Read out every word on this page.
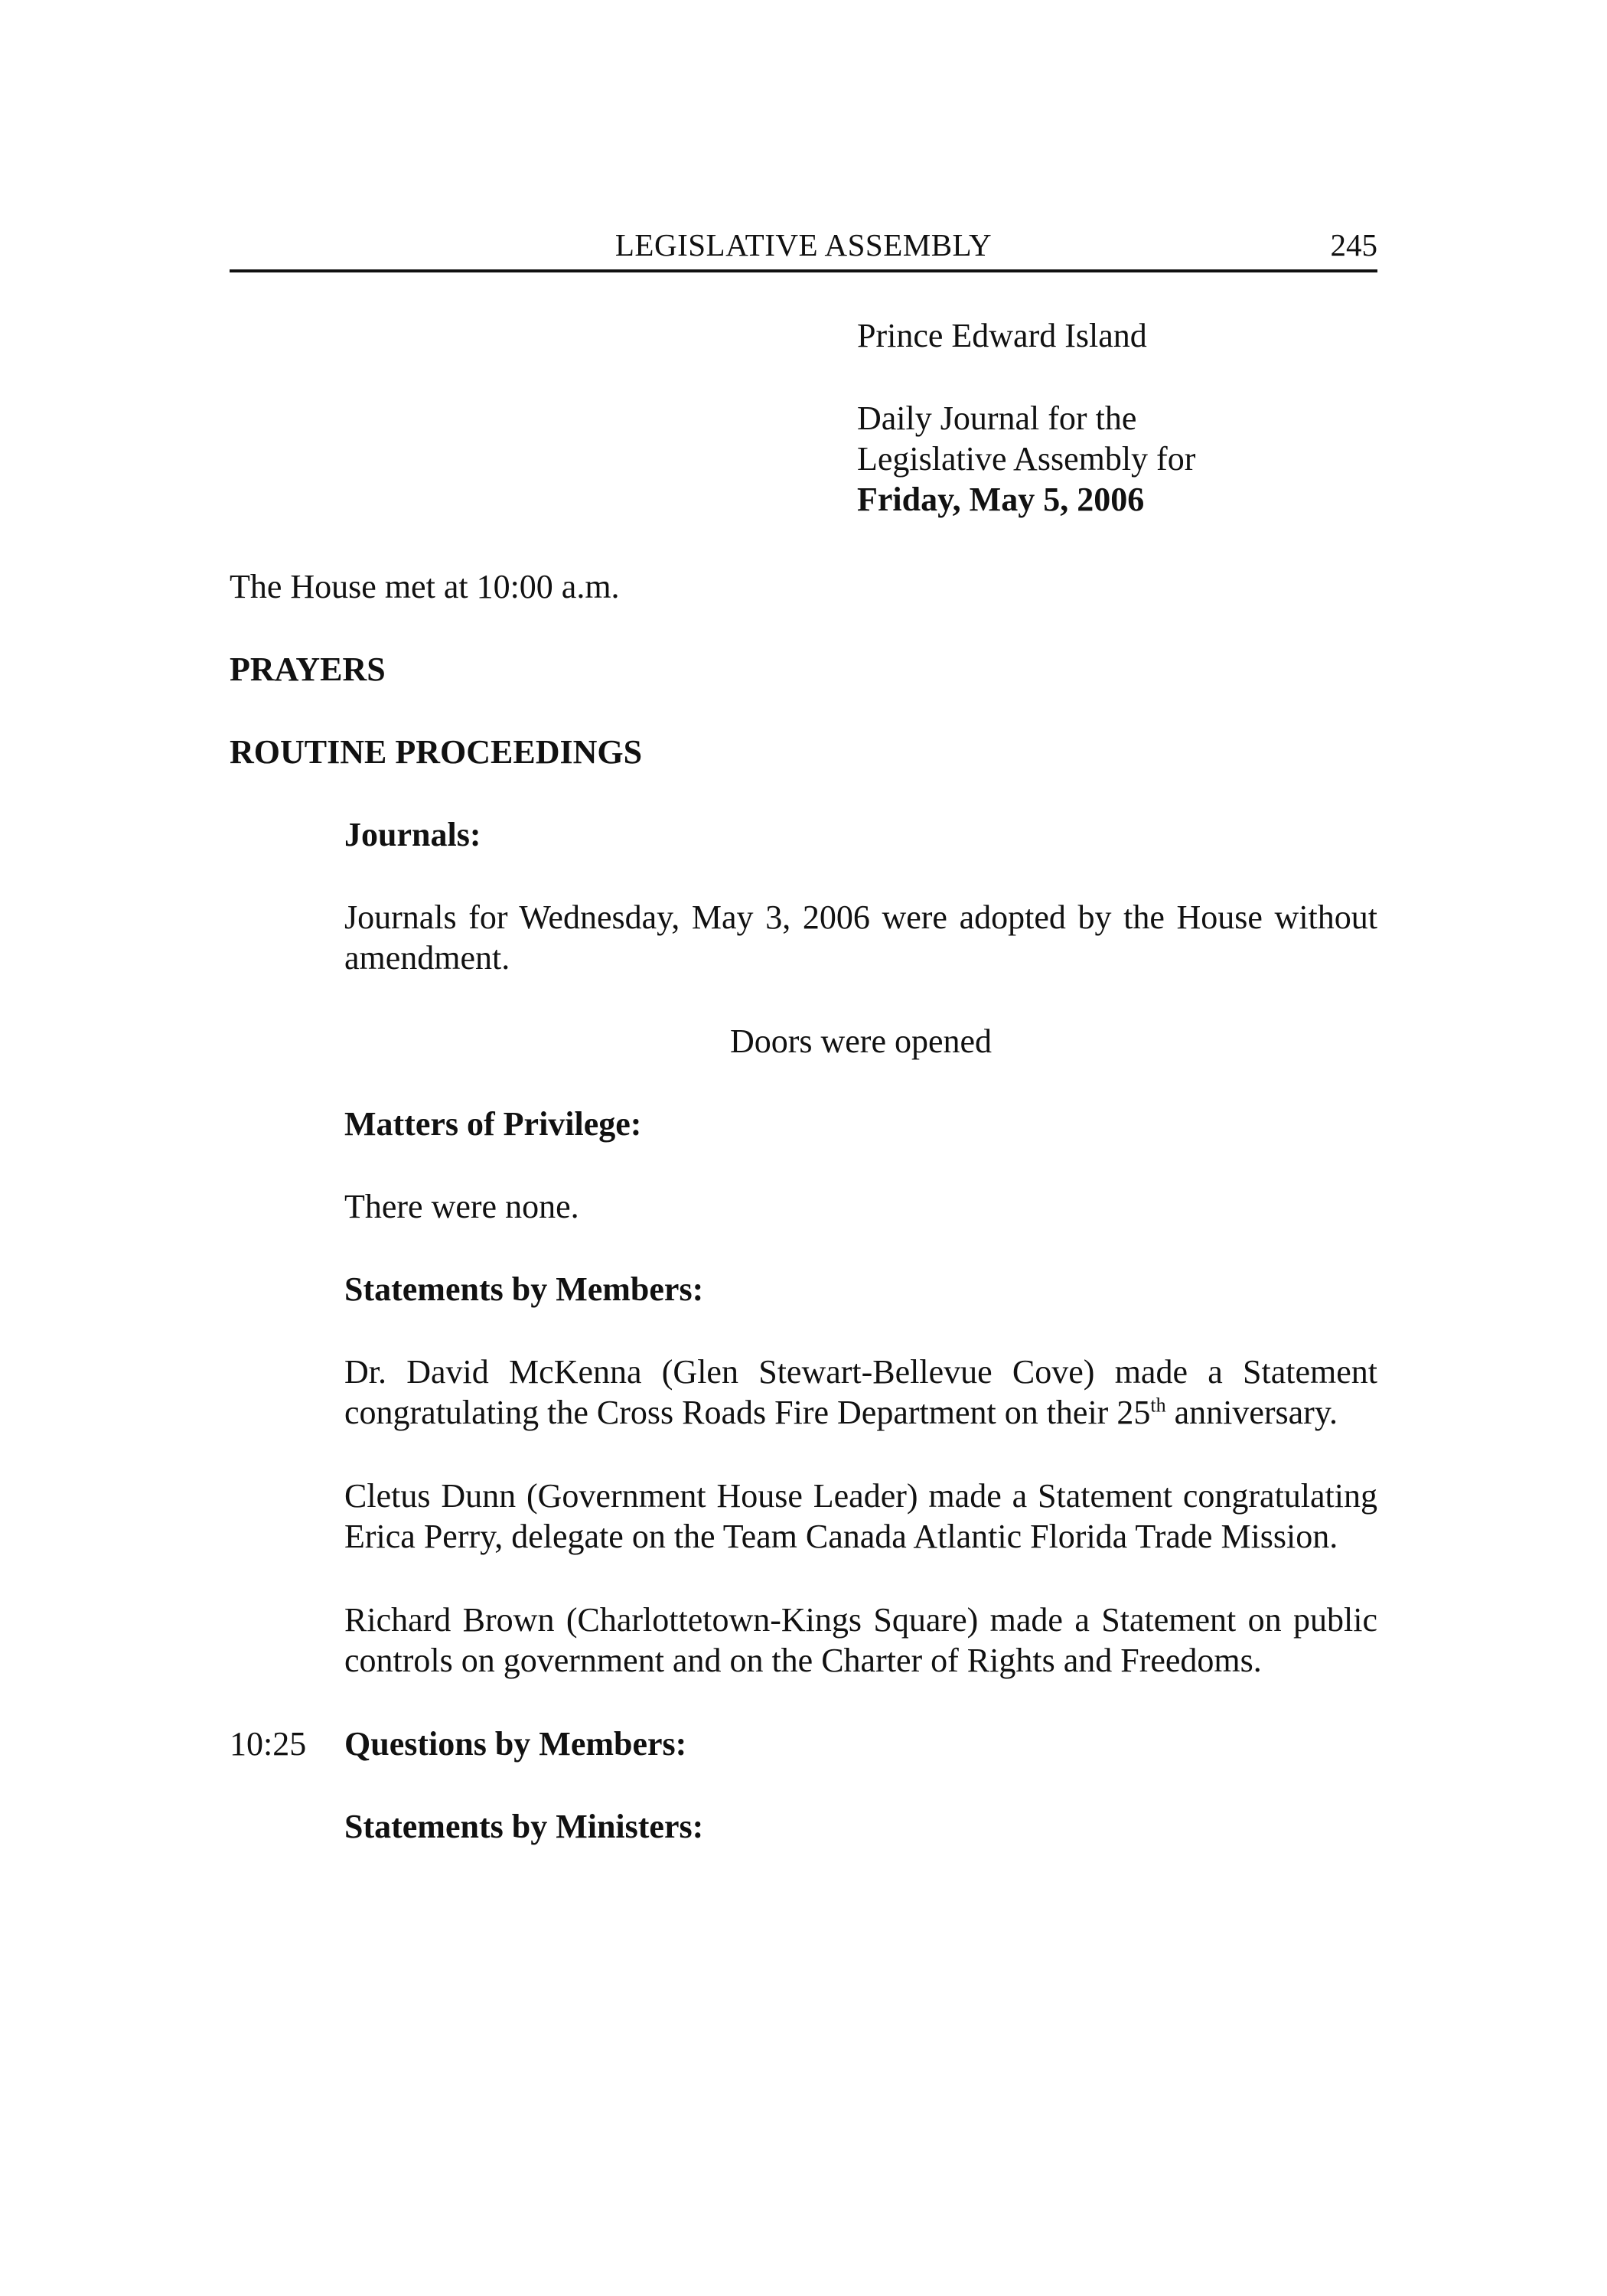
LEGISLATIVE ASSEMBLY	245
Prince Edward Island
Daily Journal for the
Legislative Assembly for
Friday, May 5, 2006
The House met at 10:00 a.m.
PRAYERS
ROUTINE PROCEEDINGS
Journals:
Journals for Wednesday, May 3, 2006 were adopted by the House without
amendment.
Doors were opened
Matters of Privilege:
There were none.
Statements by Members:
Dr. David McKenna (Glen Stewart-Bellevue Cove) made a Statement
congratulating the Cross Roads Fire Department on their 25th anniversary.
Cletus Dunn (Government House Leader) made a Statement congratulating
Erica Perry, delegate on the Team Canada Atlantic Florida Trade Mission.
Richard Brown (Charlottetown-Kings Square) made a Statement on public
controls on government and on the Charter of Rights and Freedoms.
10:25 Questions by Members:
Statements by Ministers:
